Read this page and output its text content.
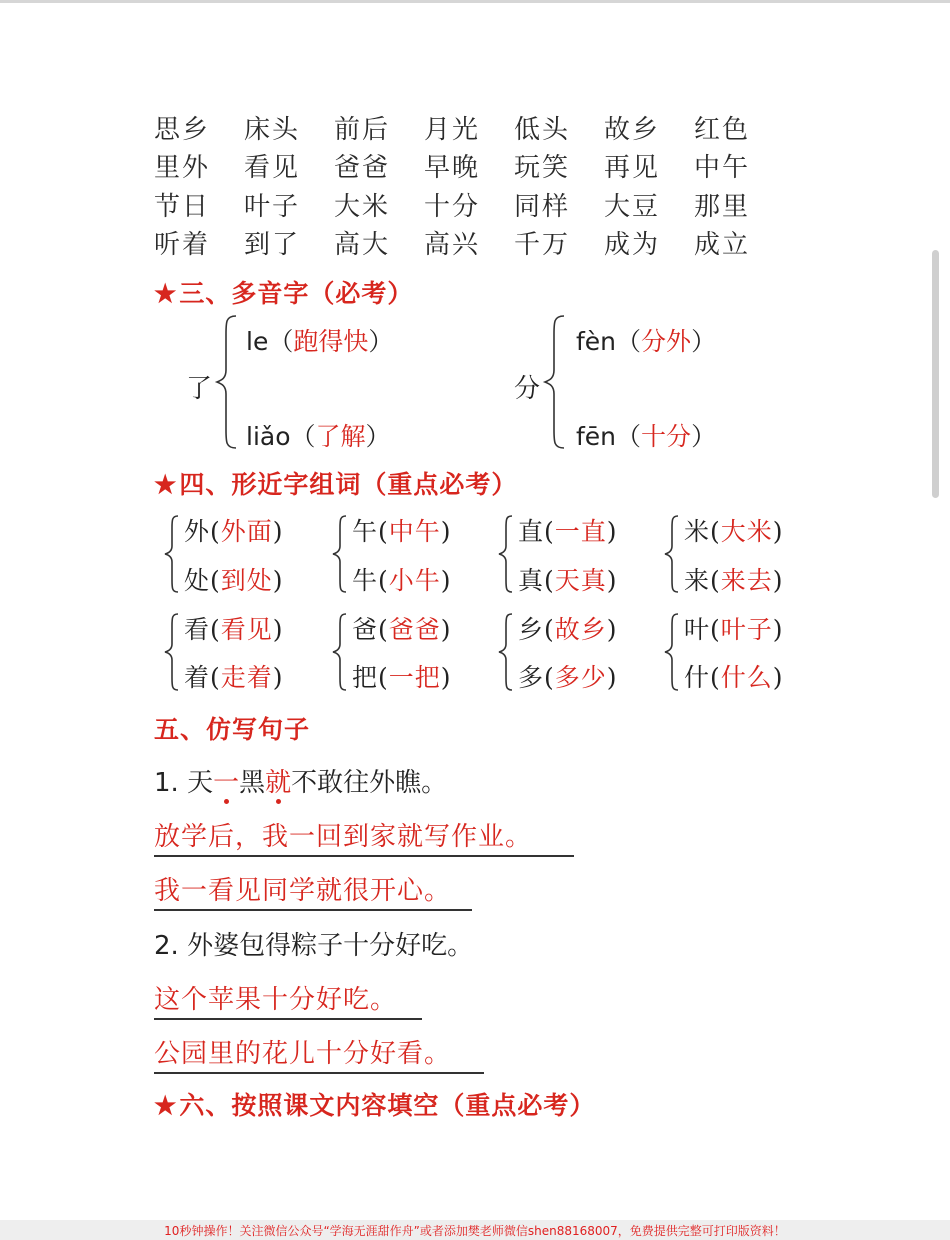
思乡	床头	前后	月光	低头	故乡	红色
里外	看见	爸爸	早晚	玩笑	再见	中午
节日	叶子	大米	十分	同样	大豆	那里
听着	到了	高大	高兴	千万	成为	成立
★三、多音字（必考）
了
le（跑得快）
liǎo（了解）
分
fèn（分外）
fēn（十分）
★四、形近字组词（重点必考）
外(外面)
处(到处)
午(中午)
牛(小牛)
直(一直)
真(天真)
米(大米)
来(来去)
看(看见)
着(走着)
爸(爸爸)
把(一把)
乡(故乡)
多(多少)
叶(叶子)
什(什么)
五、仿写句子
1. 天一黑就不敢往外瞧。
放学后，我一回到家就写作业。
我一看见同学就很开心。
2. 外婆包得粽子十分好吃。
这个苹果十分好吃。
公园里的花儿十分好看。
★六、按照课文内容填空（重点必考）
10秒钟操作！关注微信公众号“学海无涯甜作舟”或者添加樊老师微信shen88168007，免费提供完整可打印版资料！
